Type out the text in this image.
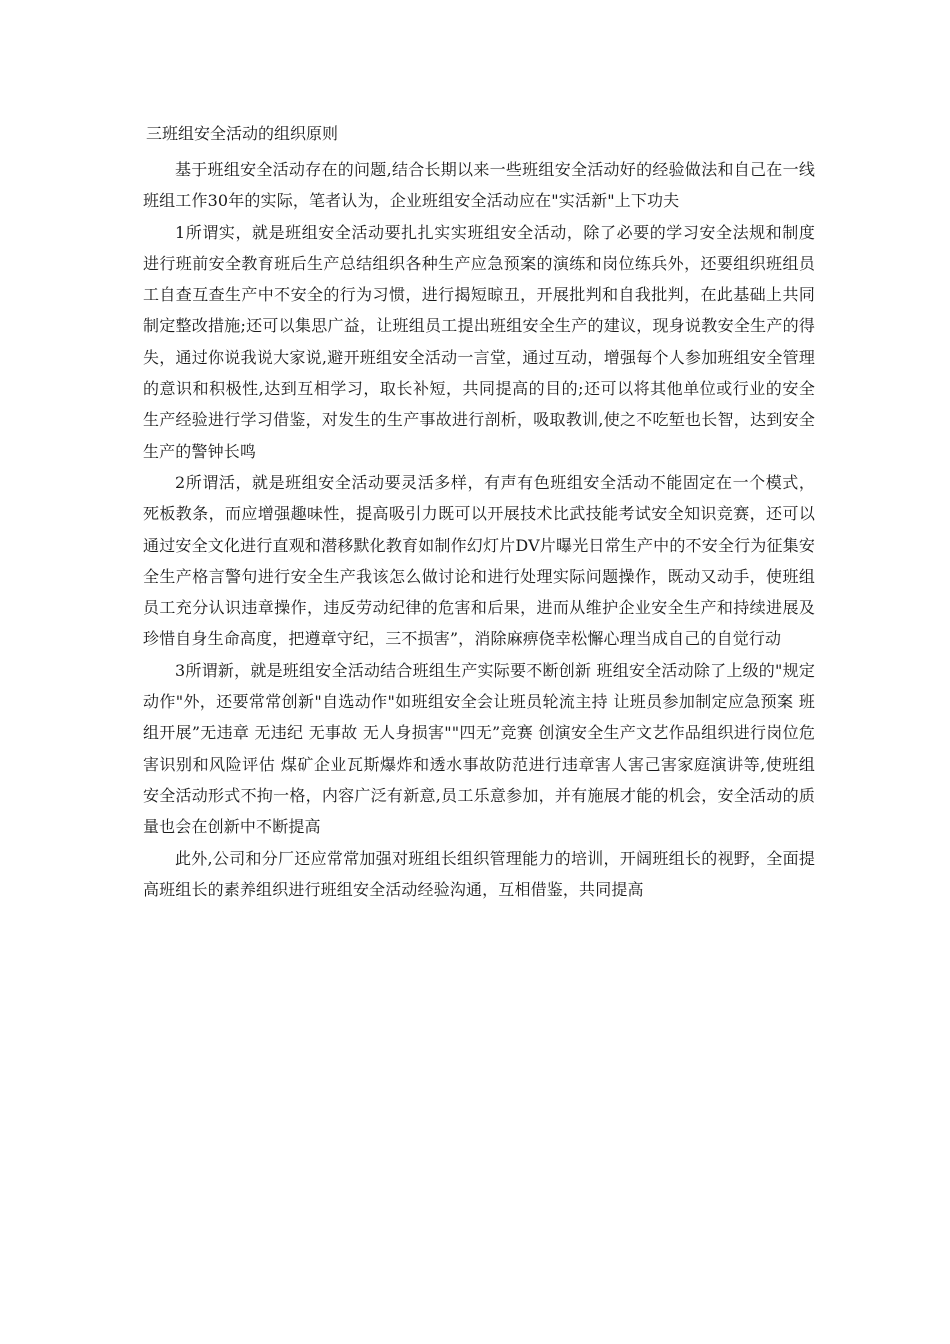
三班组安全活动的组织原则

基于班组安全活动存在的问题,结合长期以来一些班组安全活动好的经验做法和自己在一线班组工作30年的实际，笔者认为，企业班组安全活动应在"实活新"上下功夫

1所谓实，就是班组安全活动要扎扎实实班组安全活动，除了必要的学习安全法规和制度进行班前安全教育班后生产总结组织各种生产应急预案的演练和岗位练兵外，还要组织班组员工自查互查生产中不安全的行为习惯，进行揭短晾丑，开展批判和自我批判，在此基础上共同制定整改措施;还可以集思广益，让班组员工提出班组安全生产的建议，现身说教安全生产的得失，通过你说我说大家说,避开班组安全活动一言堂，通过互动，增强每个人参加班组安全管理的意识和积极性,达到互相学习，取长补短，共同提高的目的;还可以将其他单位或行业的安全生产经验进行学习借鉴，对发生的生产事故进行剖析，吸取教训,使之不吃堑也长智，达到安全生产的警钟长鸣

2所谓活，就是班组安全活动要灵活多样，有声有色班组安全活动不能固定在一个模式，死板教条，而应增强趣味性，提高吸引力既可以开展技术比武技能考试安全知识竞赛，还可以通过安全文化进行直观和潜移默化教育如制作幻灯片DV片曝光日常生产中的不安全行为征集安全生产格言警句进行安全生产我该怎么做讨论和进行处理实际问题操作，既动又动手，使班组员工充分认识违章操作，违反劳动纪律的危害和后果，进而从维护企业安全生产和持续进展及珍惜自身生命高度，把遵章守纪，三不损害”，消除麻痹侥幸松懈心理当成自己的自觉行动

3所谓新，就是班组安全活动结合班组生产实际要不断创新 班组安全活动除了上级的"规定动作"外，还要常常创新"自选动作"如班组安全会让班员轮流主持 让班员参加制定应急预案 班组开展”无违章 无违纪 无事故 无人身损害""四无”竞赛 创演安全生产文艺作品组织进行岗位危害识别和风险评估 煤矿企业瓦斯爆炸和透水事故防范进行违章害人害己害家庭演讲等,使班组安全活动形式不拘一格，内容广泛有新意,员工乐意参加，并有施展才能的机会，安全活动的质量也会在创新中不断提高

此外,公司和分厂还应常常加强对班组长组织管理能力的培训，开阔班组长的视野，全面提高班组长的素养组织进行班组安全活动经验沟通，互相借鉴，共同提高
